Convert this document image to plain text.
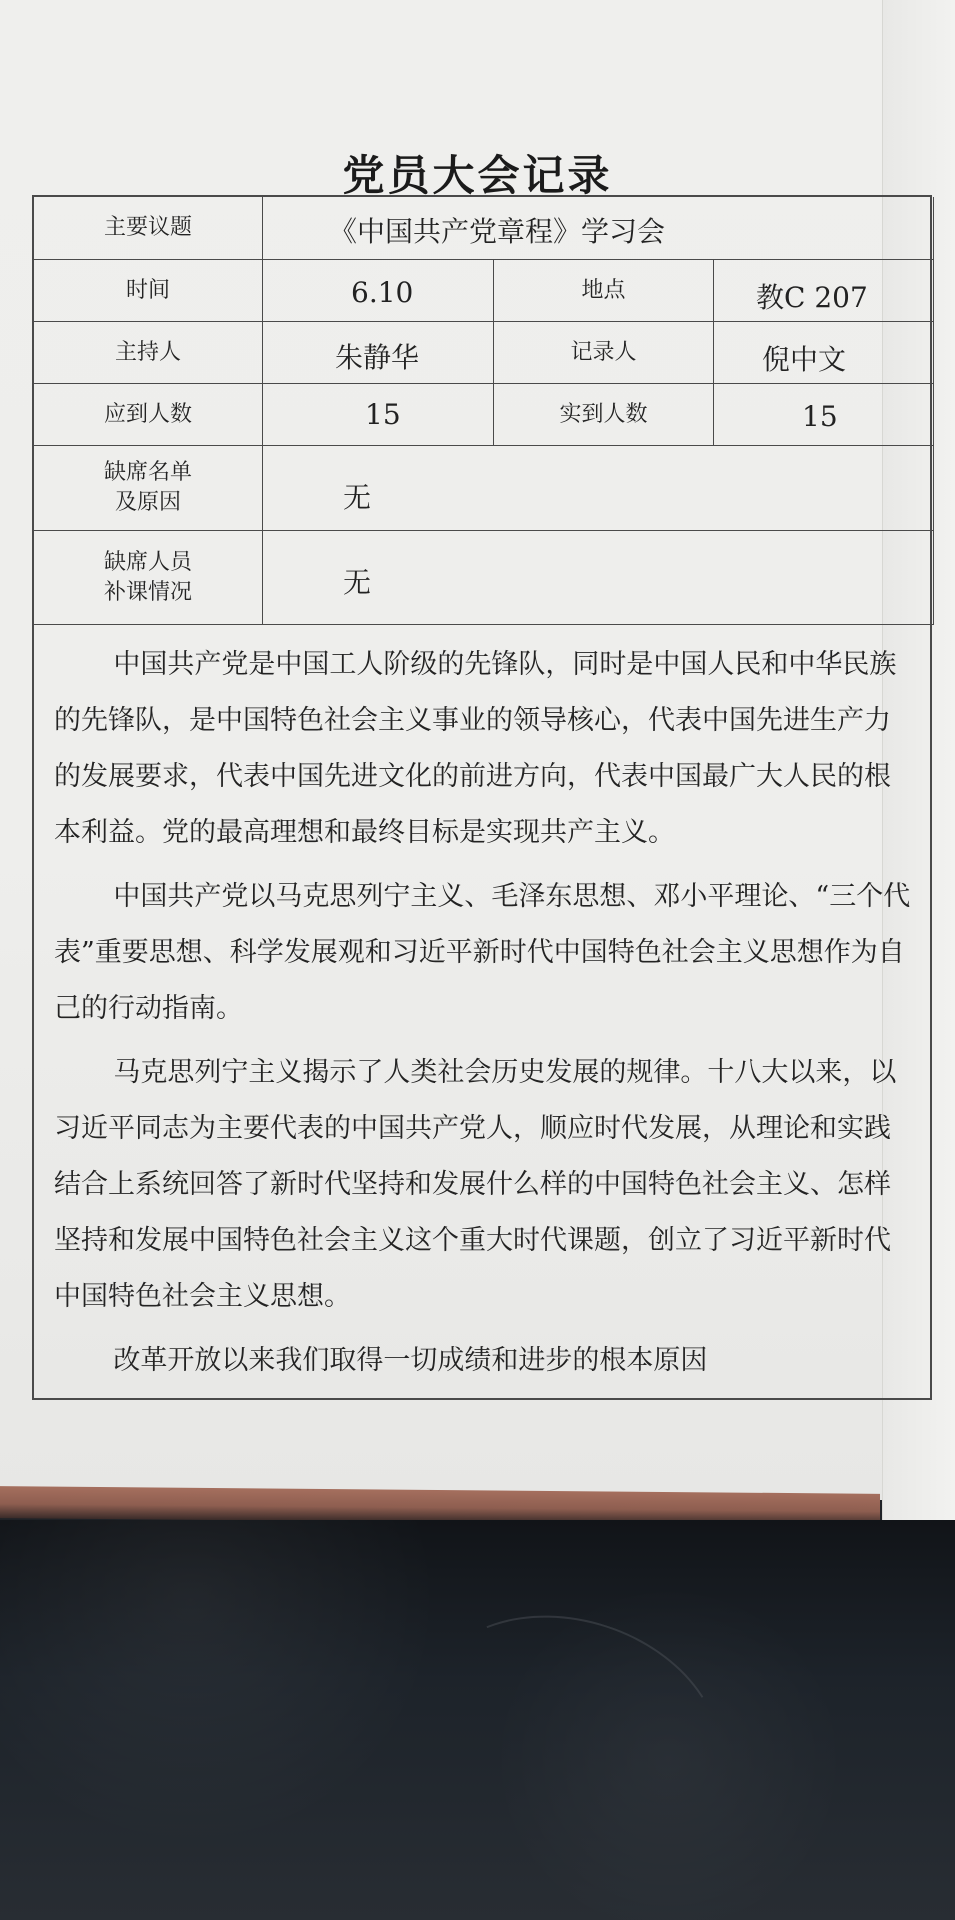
党员大会记录
主要议题	《中国共产党章程》学习会
时间	6.10	地点	教C 207
主持人	朱静华	记录人	倪中文
应到人数	15	实到人数	15
缺席名单
及原因	无
缺席人员
补课情况	无

中国共产党是中国工人阶级的先锋队，同时是中国人民和中华民族的先锋队，是中国特色社会主义事业的领导核心，代表中国先进生产力的发展要求，代表中国先进文化的前进方向，代表中国最广大人民的根本利益。党的最高理想和最终目标是实现共产主义。

中国共产党以马克思列宁主义、毛泽东思想、邓小平理论、“三个代表”重要思想、科学发展观和习近平新时代中国特色社会主义思想作为自己的行动指南。

马克思列宁主义揭示了人类社会历史发展的规律。十八大以来，以习近平同志为主要代表的中国共产党人，顺应时代发展，从理论和实践结合上系统回答了新时代坚持和发展什么样的中国特色社会主义、怎样坚持和发展中国特色社会主义这个重大时代课题，创立了习近平新时代中国特色社会主义思想。

改革开放以来我们取得一切成绩和进步的根本原因
